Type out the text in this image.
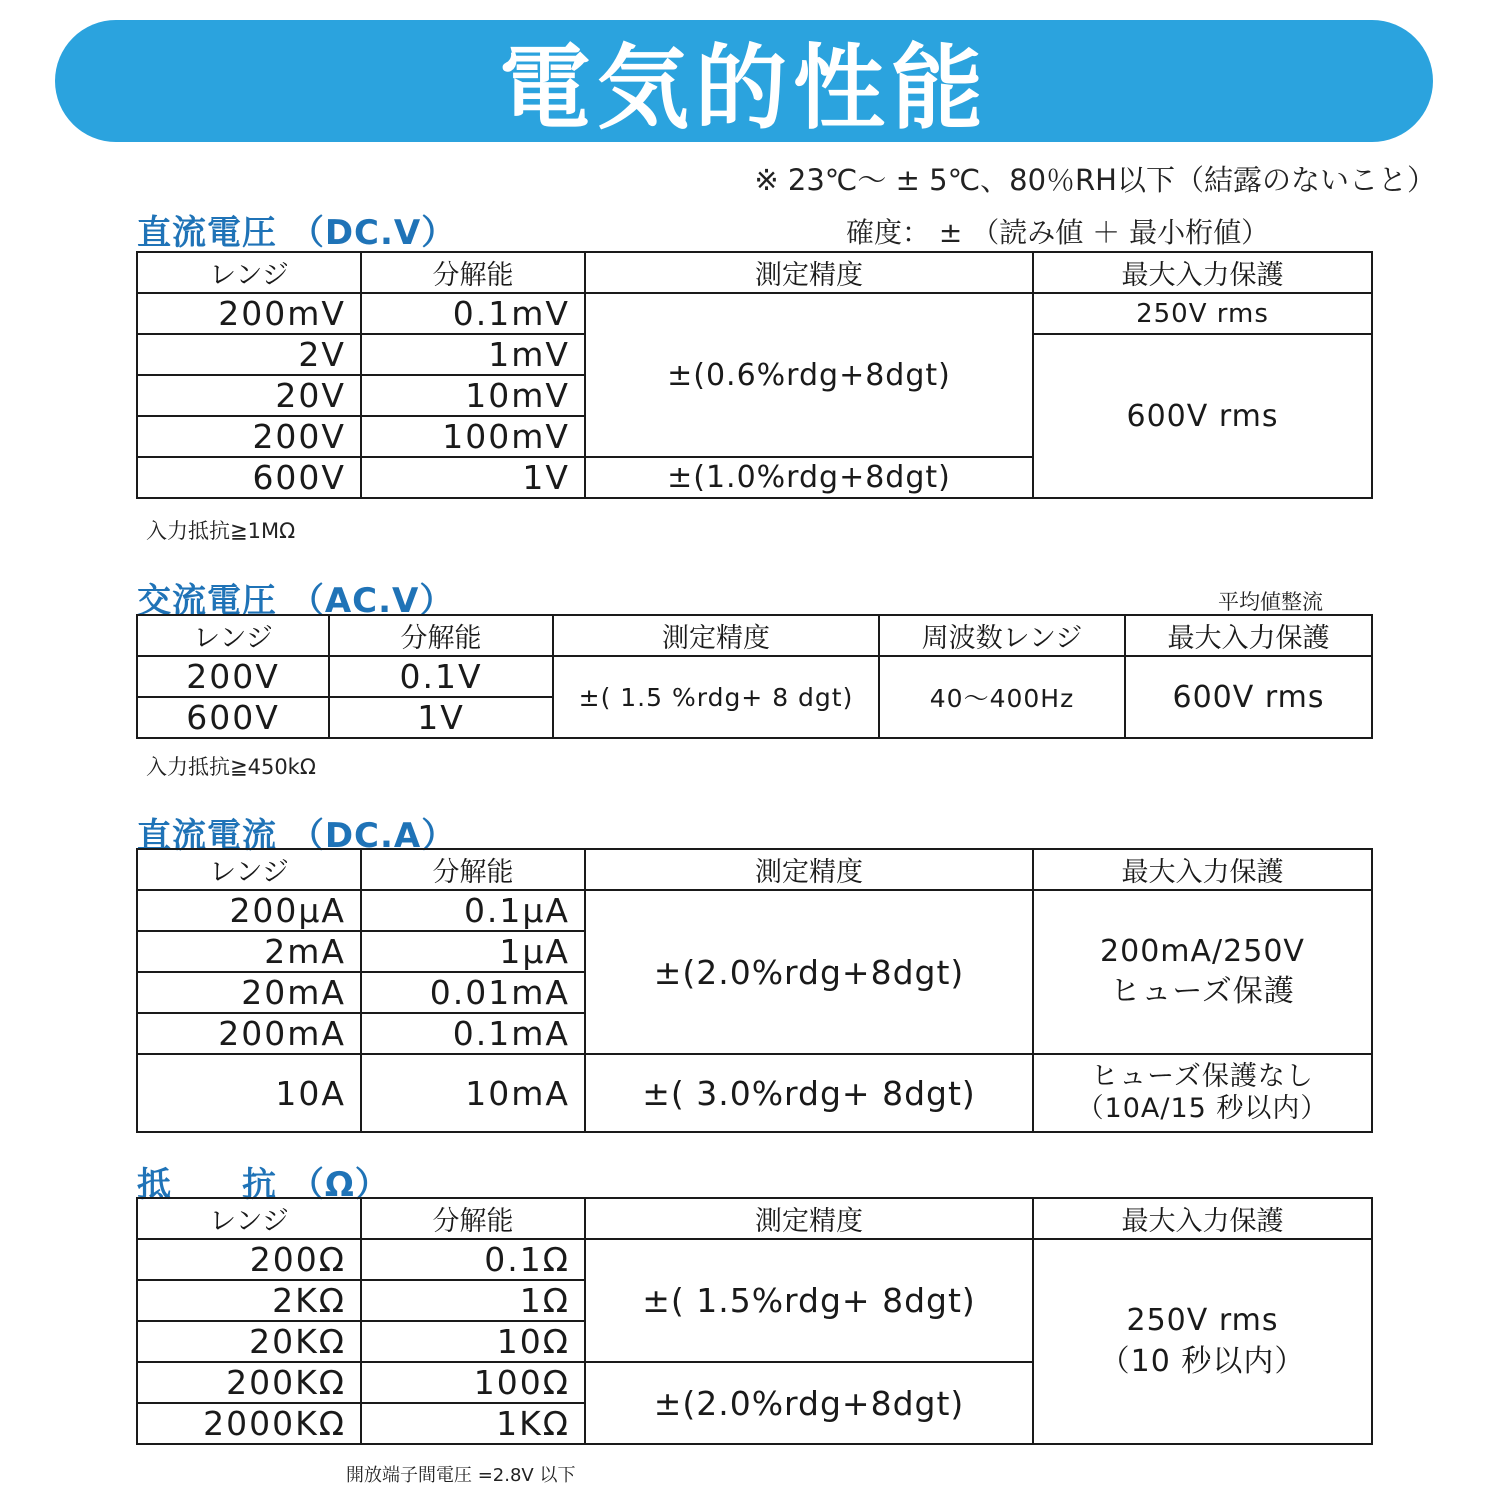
電気的性能
※ 23℃〜 ± 5℃、80％RH以下（結露のないこと）
直流電圧 （DC.V）	確度： ± （読み値 ＋ 最小桁値）
レンジ	分解能	測定精度	最大入力保護
200mV	0.1mV	±(0.6%rdg+8dgt)	250V rms
2V	1mV		600V rms
20V	10mV		
200V	100mV		
600V	1V	±(1.0%rdg+8dgt)	
入力抵抗≧1MΩ
交流電圧 （AC.V）	平均値整流
レンジ	分解能	測定精度	周波数レンジ	最大入力保護
200V	0.1V	±( 1.5 %rdg+ 8 dgt)	40〜400Hz	600V rms
600V	1V			
入力抵抗≧450kΩ
直流電流 （DC.A）
レンジ	分解能	測定精度	最大入力保護
200μA	0.1μA	±(2.0%rdg+8dgt)	200mA/250V
ヒューズ保護

2mA	1μA		
20mA	0.01mA		
200mA	0.1mA		
10A	10mA	±( 3.0%rdg+ 8dgt)	ヒューズ保護なし
（10A/15 秒以内）
抵　　抗 （Ω）
レンジ	分解能	測定精度	最大入力保護
200Ω	0.1Ω	±( 1.5%rdg+ 8dgt)	250V rms
（10 秒以内）

2KΩ	1Ω		
20KΩ	10Ω		
200KΩ	100Ω	±(2.0%rdg+8dgt)	
2000KΩ	1KΩ		
開放端子間電圧 =2.8V 以下
